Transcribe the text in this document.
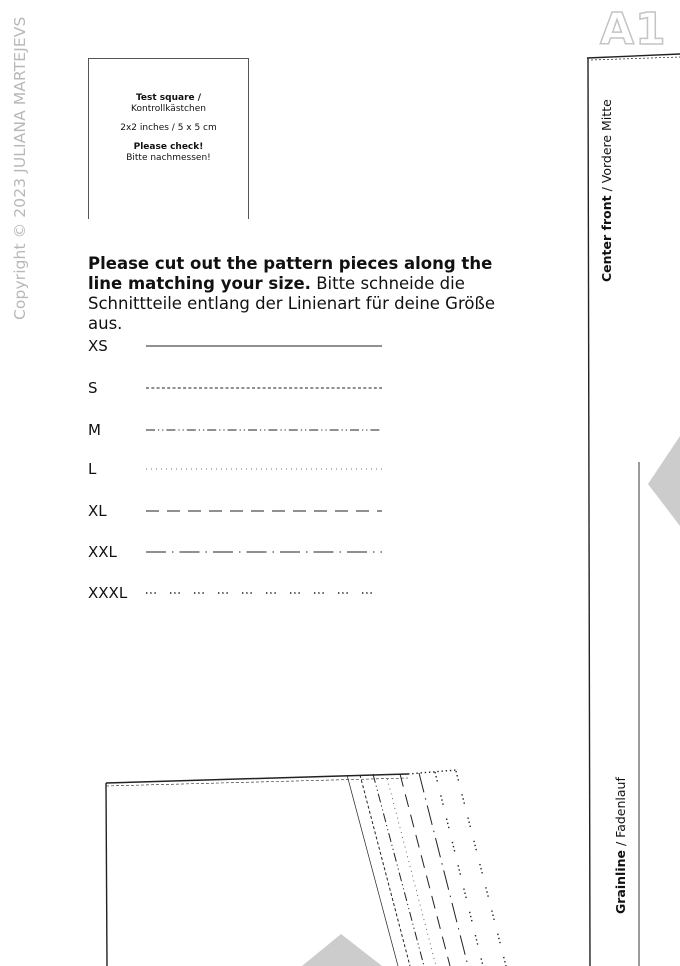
Copyright © 2023 JULIANA MARTEJEVS	Test square /
Kontrollkästchen
2x2 inches / 5 x 5 cm
Please check!
Bitte nachmessen!
Please cut out the pattern pieces along the line matching your size. Bitte schneide die Schnittteile entlang der Linienart für deine Größe aus.
XS
S
M
L
XL
XXL
XXXL
A1
Center front / Vordere Mitte
Grainline / Fadenlauf
